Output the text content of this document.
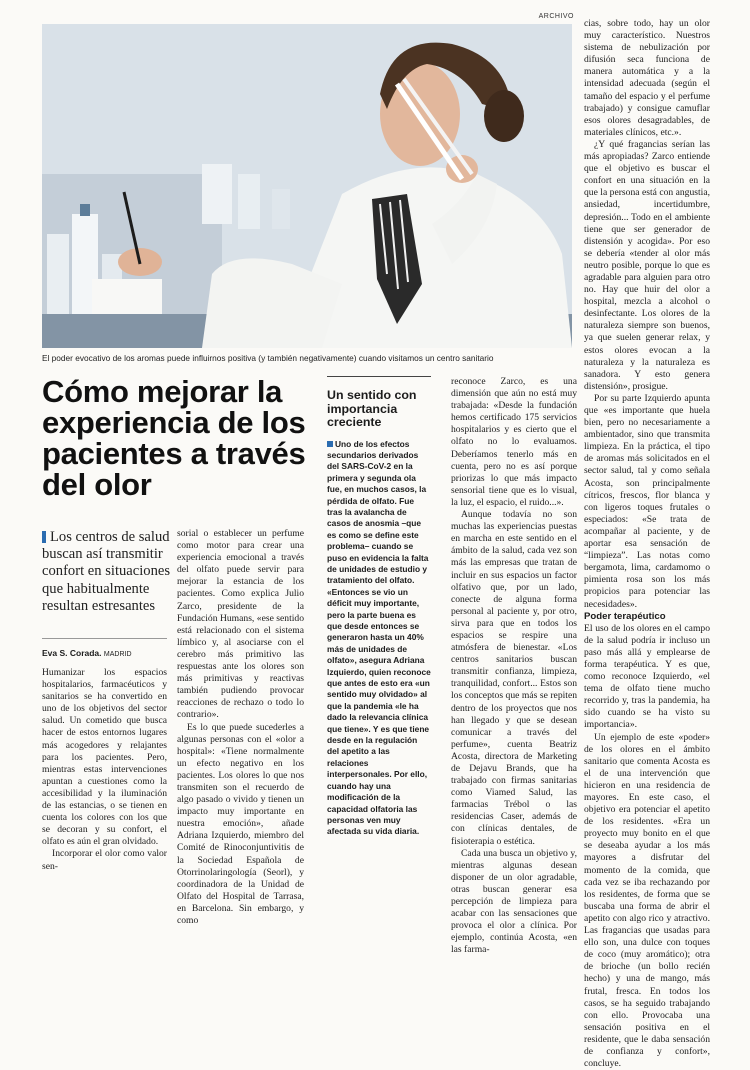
ARCHIVO
El poder evocativo de los aromas puede influirnos positiva (y también negativamente) cuando visitamos un centro sanitario
Cómo mejorar la experiencia de los pacientes a través del olor
Los centros de salud buscan así transmitir confort en situaciones que habitualmente resultan estresantes
Eva S. Corada. MADRID

Humanizar los espacios hospitalarios, farmacéuticos y sanitarios se ha convertido en uno de los objetivos del sector salud. Un cometido que busca hacer de estos entornos lugares más acogedores y relajantes para los pacientes. Pero, mientras estas intervenciones apuntan a cuestiones como la accesibilidad y la iluminación de las estancias, o se tienen en cuenta los colores con los que se decoran y su confort, el olfato es aún el gran olvidado.

Incorporar el olor como valor sen-

sorial o establecer un perfume como motor para crear una experiencia emocional a través del olfato puede servir para mejorar la estancia de los pacientes. Como explica Julio Zarco, presidente de la Fundación Humans, «ese sentido está relacionado con el sistema límbico y, al asociarse con el cerebro más primitivo las respuestas ante los olores son más primitivas y reactivas también pudiendo provocar reacciones de rechazo o todo lo contrario».

Es lo que puede sucederles a algunas personas con el «olor a hospital»: «Tiene normalmente un efecto negativo en los pacientes. Los olores lo que nos transmiten son el recuerdo de algo pasado o vivido y tienen un impacto muy importante en nuestra emoción», añade Adriana Izquierdo, miembro del Comité de Rinoconjuntivitis de la Sociedad Española de Otorrinolaringología (Seorl), y coordinadora de la Unidad de Olfato del Hospital de Tarrasa, en Barcelona. Sin embargo, y como

Un sentido con importancia creciente

Uno de los efectos secundarios derivados del SARS-CoV-2 en la primera y segunda ola fue, en muchos casos, la pérdida de olfato. Fue tras la avalancha de casos de anosmia –que es como se define este problema– cuando se puso en evidencia la falta de unidades de estudio y tratamiento del olfato. «Entonces se vio un déficit muy importante, pero la parte buena es que desde entonces se generaron hasta un 40% más de unidades de olfato», asegura Adriana Izquierdo, quien reconoce que antes de esto era «un sentido muy olvidado» al que la pandemia «le ha dado la relevancia clínica que tiene». Y es que tiene desde en la regulación del apetito a las relaciones interpersonales. Por ello, cuando hay una modificación de la capacidad olfatoria las personas ven muy afectada su vida diaria.

reconoce Zarco, es una dimensión que aún no está muy trabajada: «Desde la fundación hemos certificado 175 servicios hospitalarios y es cierto que el olfato no lo evaluamos. Deberíamos tenerlo más en cuenta, pero no es así porque priorizas lo que más impacto sensorial tiene que es lo visual, la luz, el espacio, el ruido...».

Aunque todavía no son muchas las experiencias puestas en marcha en este sentido en el ámbito de la salud, cada vez son más las empresas que tratan de incluir en sus espacios un factor olfativo que, por un lado, conecte de alguna forma personal al paciente y, por otro, sirva para que en todos los espacios se respire una atmósfera de bienestar. «Los centros sanitarios buscan transmitir confianza, limpieza, tranquilidad, confort... Estos son los conceptos que más se repiten dentro de los proyectos que nos han llegado y que se desean comunicar a través del perfume», cuenta Beatriz Acosta, directora de Marketing de Dejavu Brands, que ha trabajado con firmas sanitarias como Viamed Salud, las farmacias Trébol o las residencias Caser, además de con clínicas dentales, de fisioterapia o estética.

Cada una busca un objetivo y, mientras algunas desean disponer de un olor agradable, otras buscan generar esa percepción de limpieza para acabar con las sensaciones que provoca el olor a clínica. Por ejemplo, continúa Acosta, «en las farma-

cias, sobre todo, hay un olor muy característico. Nuestros sistema de nebulización por difusión seca funciona de manera automática y a la intensidad adecuada (según el tamaño del espacio y el perfume trabajado) y consigue camuflar esos olores desagradables, de materiales clínicos, etc.».

¿Y qué fragancias serían las más apropiadas? Zarco entiende que el objetivo es buscar el confort en una situación en la que la persona está con angustia, ansiedad, incertidumbre, depresión... Todo en el ambiente tiene que ser generador de distensión y acogida». Por eso se debería «tender al olor más neutro posible, porque lo que es agradable para alguien para otro no. Hay que huir del olor a hospital, mezcla a alcohol o desinfectante. Los olores de la naturaleza siempre son buenos, ya que suelen generar relax, y estos olores evocan a la naturaleza y la naturaleza es sanadora. Y esto genera distensión», prosigue.

Por su parte Izquierdo apunta que «es importante que huela bien, pero no necesariamente a ambientador, sino que transmita limpieza. En la práctica, el tipo de aromas más solicitados en el sector salud, tal y como señala Acosta, son principalmente cítricos, frescos, flor blanca y con ligeros toques frutales o especiados: «Se trata de acompañar al paciente, y de aportar esa sensación de “limpieza”. Las notas como bergamota, lima, cardamomo o pimienta rosa son los más propicios para potenciar las necesidades».

Poder terapéutico

El uso de los olores en el campo de la salud podría ir incluso un paso más allá y emplearse de forma terapéutica. Y es que, como reconoce Izquierdo, «el tema de olfato tiene mucho recorrido y, tras la pandemia, ha sido cuando se ha visto su importancia».

Un ejemplo de este «poder» de los olores en el ámbito sanitario que comenta Acosta es el de una intervención que hicieron en una residencia de mayores. En este caso, el objetivo era potenciar el apetito de los residentes. «Era un proyecto muy bonito en el que se deseaba ayudar a los más mayores a disfrutar del momento de la comida, que cada vez se iba rechazando por los residentes, de forma que se buscaba una forma de abrir el apetito con algo rico y atractivo. Las fragancias que usadas para ello son, una dulce con toques de coco (muy aromático); otra de brioche (un bollo recién hecho) y una de mango, más frutal, fresca. En todos los casos, se ha seguido trabajando con ello. Provocaba una sensación positiva en el residente, que le daba sensación de confianza y confort», concluye.
